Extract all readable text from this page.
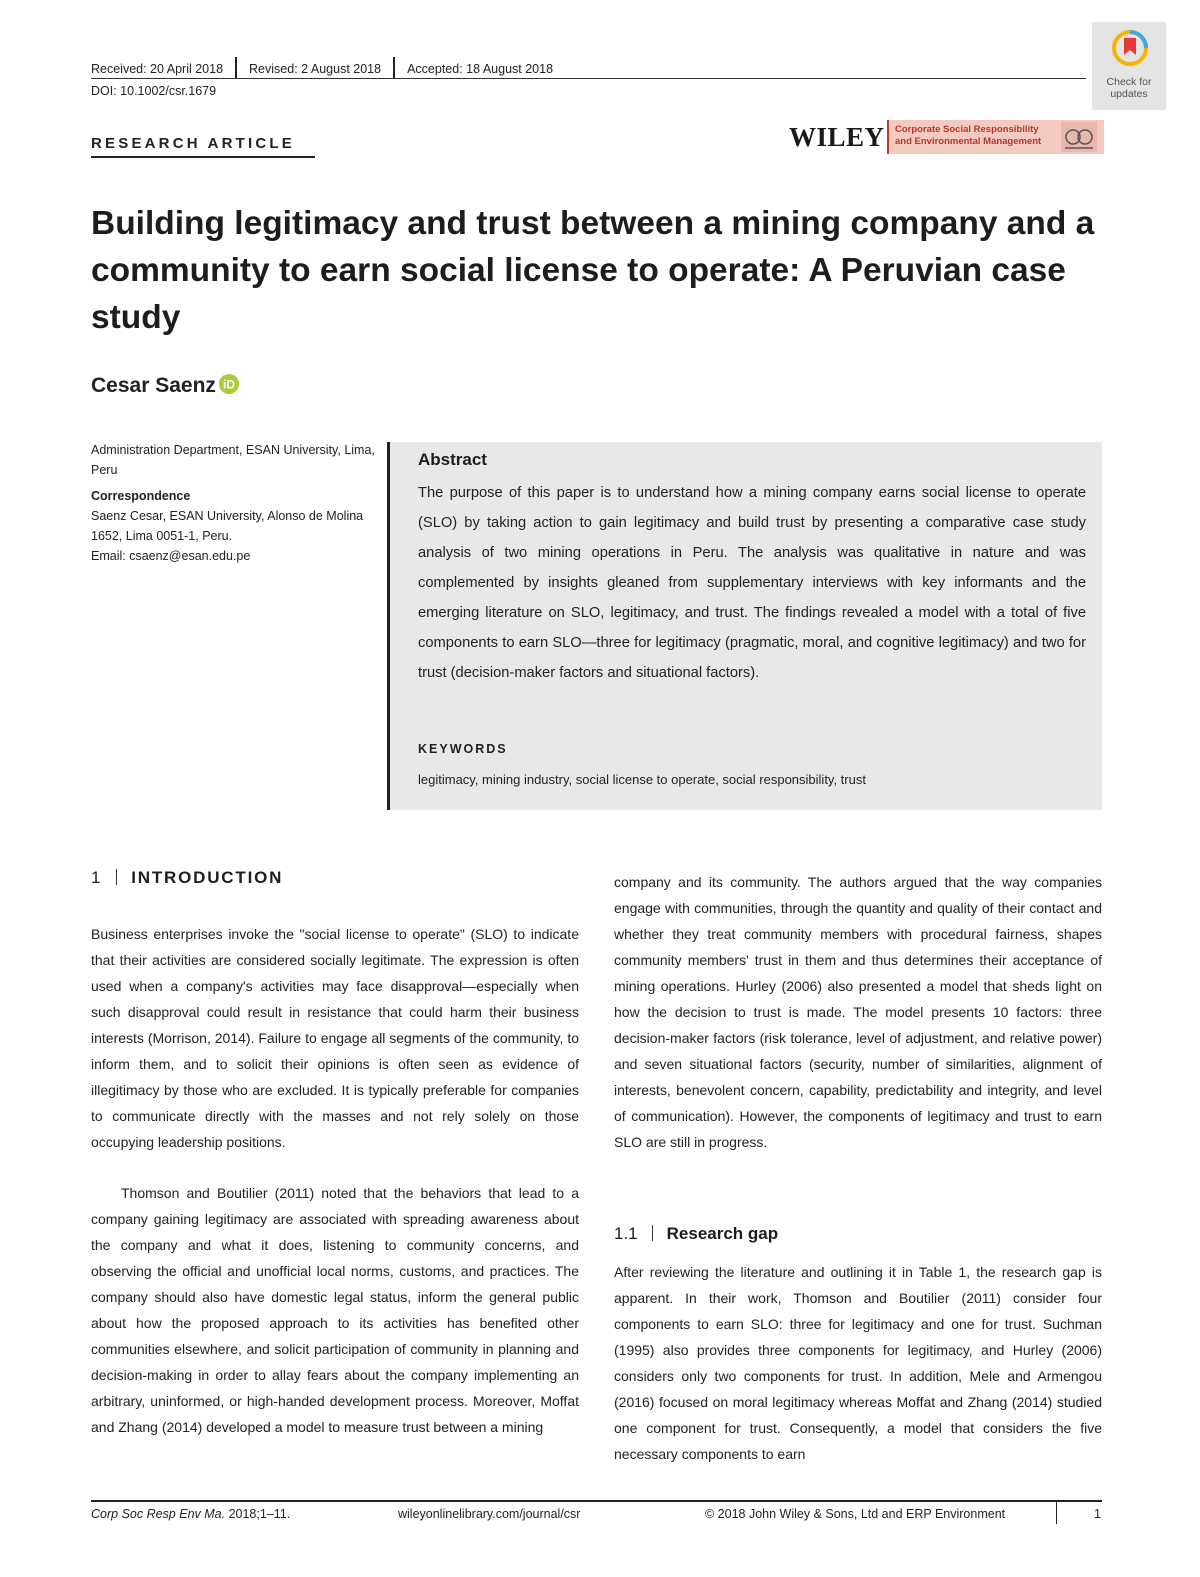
Received: 20 April 2018 Revised: 2 August 2018 Accepted: 18 August 2018
DOI: 10.1002/csr.1679
Check for updates
RESEARCH ARTICLE	WILEY Corporate Social Responsibility and Environmental Management
Building legitimacy and trust between a mining company and a community to earn social license to operate: A Peruvian case study
Cesar Saenz iD
Administration Department, ESAN University, Lima, Peru
Correspondence
Saenz Cesar, ESAN University, Alonso de Molina 1652, Lima 0051-1, Peru.
Email: csaenz@esan.edu.pe
Abstract
The purpose of this paper is to understand how a mining company earns social license to operate (SLO) by taking action to gain legitimacy and build trust by presenting a comparative case study analysis of two mining operations in Peru. The analysis was qualitative in nature and was complemented by insights gleaned from supplementary interviews with key informants and the emerging literature on SLO, legitimacy, and trust. The findings revealed a model with a total of five components to earn SLO—three for legitimacy (pragmatic, moral, and cognitive legitimacy) and two for trust (decision-maker factors and situational factors).
KEYWORDS
legitimacy, mining industry, social license to operate, social responsibility, trust
1 INTRODUCTION

Business enterprises invoke the "social license to operate" (SLO) to indicate that their activities are considered socially legitimate. The expression is often used when a company's activities may face disapproval—especially when such disapproval could result in resistance that could harm their business interests (Morrison, 2014). Failure to engage all segments of the community, to inform them, and to solicit their opinions is often seen as evidence of illegitimacy by those who are excluded. It is typically preferable for companies to communicate directly with the masses and not rely solely on those occupying leadership positions.

Thomson and Boutilier (2011) noted that the behaviors that lead to a company gaining legitimacy are associated with spreading awareness about the company and what it does, listening to community concerns, and observing the official and unofficial local norms, customs, and practices. The company should also have domestic legal status, inform the general public about how the proposed approach to its activities has benefited other communities elsewhere, and solicit participation of community in planning and decision-making in order to allay fears about the company implementing an arbitrary, uninformed, or high-handed development process. Moreover, Moffat and Zhang (2014) developed a model to measure trust between a mining

company and its community. The authors argued that the way companies engage with communities, through the quantity and quality of their contact and whether they treat community members with procedural fairness, shapes community members' trust in them and thus determines their acceptance of mining operations. Hurley (2006) also presented a model that sheds light on how the decision to trust is made. The model presents 10 factors: three decision-maker factors (risk tolerance, level of adjustment, and relative power) and seven situational factors (security, number of similarities, alignment of interests, benevolent concern, capability, predictability and integrity, and level of communication). However, the components of legitimacy and trust to earn SLO are still in progress.

1.1 Research gap

After reviewing the literature and outlining it in Table 1, the research gap is apparent. In their work, Thomson and Boutilier (2011) consider four components to earn SLO: three for legitimacy and one for trust. Suchman (1995) also provides three components for legitimacy, and Hurley (2006) considers only two components for trust. In addition, Mele and Armengou (2016) focused on moral legitimacy whereas Moffat and Zhang (2014) studied one component for trust. Consequently, a model that considers the five necessary components to earn

Corp Soc Resp Env Ma. 2018;1–11.	wileyonlinelibrary.com/journal/csr	© 2018 John Wiley & Sons, Ltd and ERP Environment	1
